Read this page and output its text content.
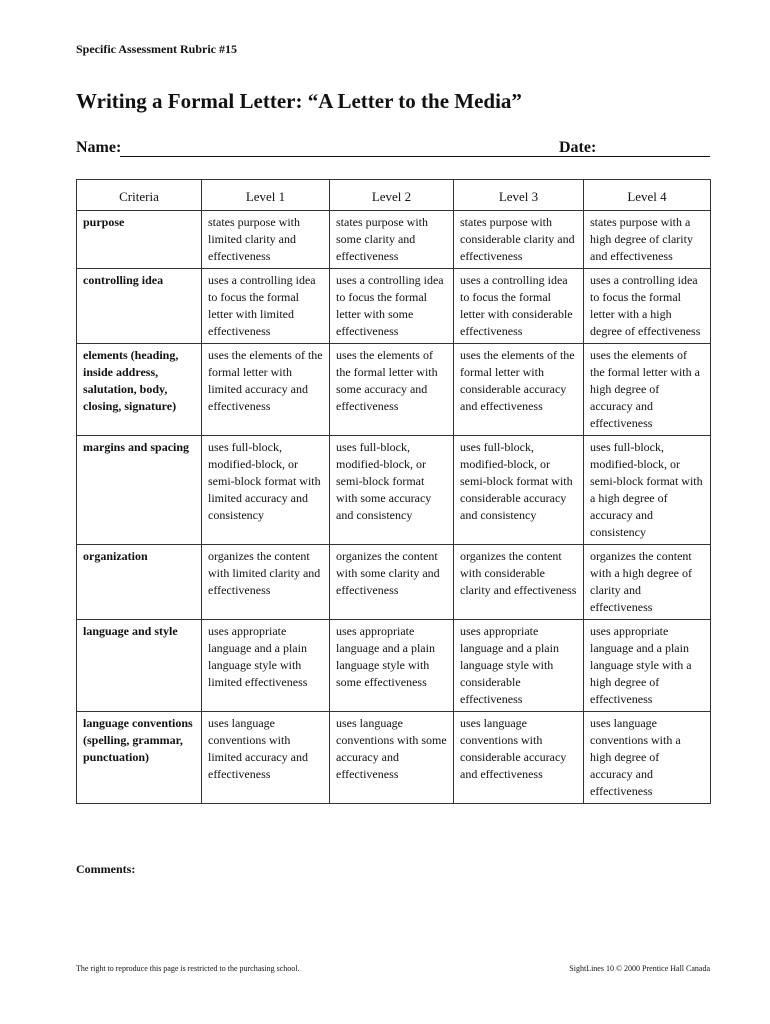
Specific Assessment Rubric #15
Writing a Formal Letter: “A Letter to the Media”
Name:	Date:
Criteria	Level 1	Level 2	Level 3	Level 4
purpose	states purpose with limited clarity and effectiveness	states purpose with some clarity and effectiveness	states purpose with considerable clarity and effectiveness	states purpose with a high degree of clarity and effectiveness
controlling idea	uses a controlling idea to focus the formal letter with limited effectiveness	uses a controlling idea to focus the formal letter with some effectiveness	uses a controlling idea to focus the formal letter with considerable effectiveness	uses a controlling idea to focus the formal letter with a high degree of effectiveness
elements (heading, inside address, salutation, body, closing, signature)	uses the elements of the formal letter with limited accuracy and effectiveness	uses the elements of the formal letter with some accuracy and effectiveness	uses the elements of the formal letter with considerable accuracy and effectiveness	uses the elements of the formal letter with a high degree of accuracy and effectiveness
margins and spacing	uses full-block, modified-block, or semi-block format with limited accuracy and consistency	uses full-block, modified-block, or semi-block format with some accuracy and consistency	uses full-block, modified-block, or semi-block format with considerable accuracy and consistency	uses full-block, modified-block, or semi-block format with a high degree of accuracy and consistency
organization	organizes the content with limited clarity and effectiveness	organizes the content with some clarity and effectiveness	organizes the content with considerable clarity and effectiveness	organizes the content with a high degree of clarity and effectiveness
language and style	uses appropriate language and a plain language style with limited effectiveness	uses appropriate language and a plain language style with some effectiveness	uses appropriate language and a plain language style with considerable effectiveness	uses appropriate language and a plain language style with a high degree of effectiveness
language conventions (spelling, grammar, punctuation)	uses language conventions with limited accuracy and effectiveness	uses language conventions with some accuracy and effectiveness	uses language conventions with considerable accuracy and effectiveness	uses language conventions with a high degree of accuracy and effectiveness
Comments:
The right to reproduce this page is restricted to the purchasing school.	SightLines 10 © 2000 Prentice Hall Canada
